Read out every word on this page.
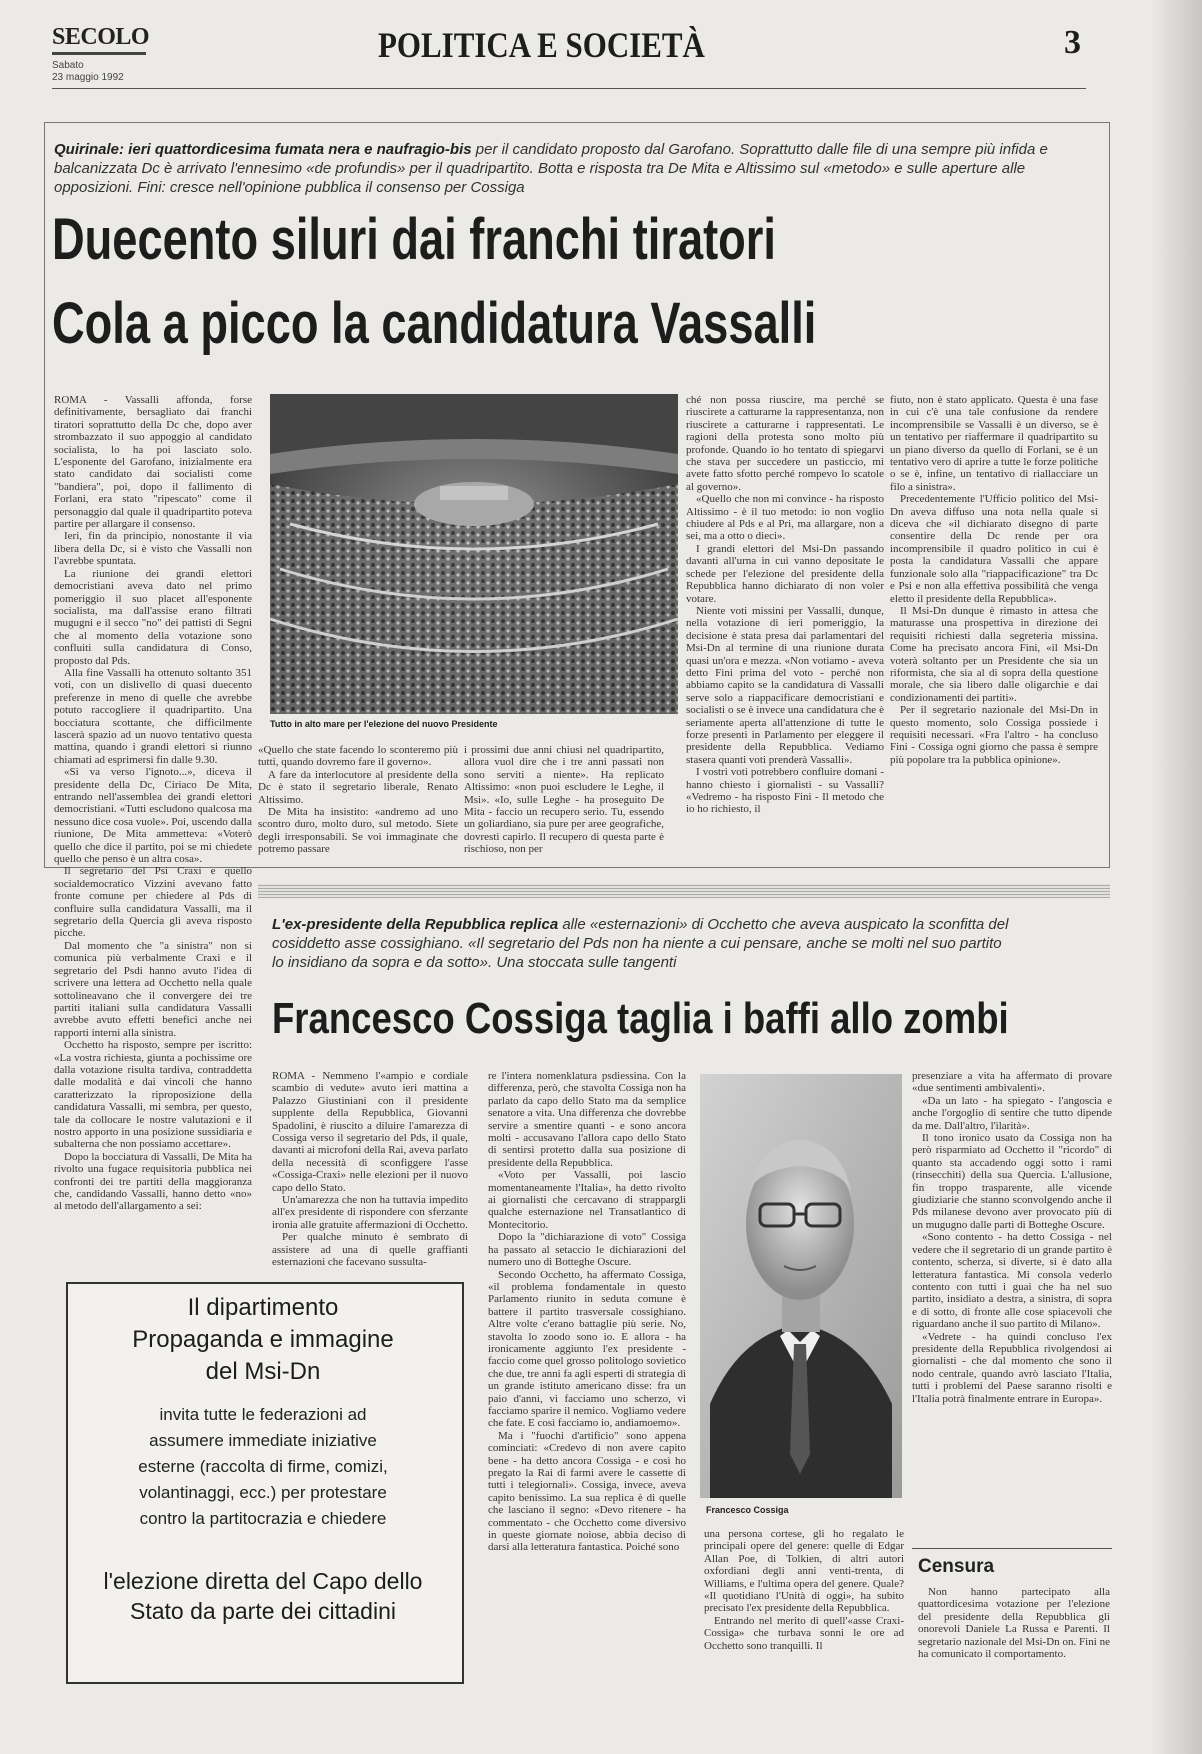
SECOLO
Sabato
23 maggio 1992
POLITICA E SOCIETÀ	3
Quirinale: ieri quattordicesima fumata nera e naufragio-bis per il candidato proposto dal Garofano. Soprattutto dalle file di una sempre più infida e balcanizzata Dc è arrivato l'ennesimo «de profundis» per il quadripartito. Botta e risposta tra De Mita e Altissimo sul «metodo» e sulle aperture alle opposizioni. Fini: cresce nell'opinione pubblica il consenso per Cossiga
Duecento siluri dai franchi tiratori
Cola a picco la candidatura Vassalli

ROMA - Vassalli affonda, forse definitivamente, bersagliato dai franchi tiratori soprattutto della Dc che, dopo aver strombazzato il suo appoggio al candidato socialista, lo ha poi lasciato solo. L'esponente del Garofano, inizialmente era stato candidato dai socialisti come "bandiera", poi, dopo il fallimento di Forlani, era stato "ripescato" come il personaggio dal quale il quadripartito poteva partire per allargare il consenso.

Ieri, fin da principio, nonostante il via libera della Dc, si è visto che Vassalli non l'avrebbe spuntata.

La riunione dei grandi elettori democristiani aveva dato nel primo pomeriggio il suo placet all'esponente socialista, ma dall'assise erano filtrati mugugni e il secco "no" dei pattisti di Segni che al momento della votazione sono confluiti sulla candidatura di Conso, proposto dal Pds.

Alla fine Vassalli ha ottenuto soltanto 351 voti, con un dislivello di quasi duecento preferenze in meno di quelle che avrebbe potuto raccogliere il quadripartito. Una bocciatura scottante, che difficilmente lascerà spazio ad un nuovo tentativo questa mattina, quando i grandi elettori si riunno chiamati ad esprimersi fin dalle 9.30.

«Si va verso l'ignoto...», diceva il presidente della Dc, Ciriaco De Mita, entrando nell'assemblea dei grandi elettori democristiani. «Tutti escludono qualcosa ma nessuno dice cosa vuole». Poi, uscendo dalla riunione, De Mita ammetteva: «Voterò quello che dice il partito, poi se mi chiedete quello che penso è un altra cosa».

Il segretario del Psi Craxi e quello socialdemocratico Vizzini avevano fatto fronte comune per chiedere al Pds di confluire sulla candidatura Vassalli, ma il segretario della Quercia gli aveva risposto picche.

Dal momento che "a sinistra" non si comunica più verbalmente Craxi e il segretario del Psdi hanno avuto l'idea di scrivere una lettera ad Occhetto nella quale sottolineavano che il convergere dei tre partiti italiani sulla candidatura Vassalli avrebbe avuto effetti benefici anche nei rapporti interni alla sinistra.

Occhetto ha risposto, sempre per iscritto: «La vostra richiesta, giunta a pochissime ore dalla votazione risulta tardiva, contraddetta dalle modalità e dai vincoli che hanno caratterizzato la riproposizione della candidatura Vassalli, mi sembra, per questo, tale da collocare le nostre valutazioni e il nostro apporto in una posizione sussidiaria e subalterna che non possiamo accettare».

Dopo la bocciatura di Vassalli, De Mita ha rivolto una fugace requisitoria pubblica nei confronti dei tre partiti della maggioranza che, candidando Vassalli, hanno detto «no» al metodo dell'allargamento a sei:

Tutto in alto mare per l'elezione del nuovo Presidente

«Quello che state facendo lo sconteremo più tutti, quando dovremo fare il governo».

A fare da interlocutore al presidente della Dc è stato il segretario liberale, Renato Altissimo.

De Mita ha insistito: «andremo ad uno scontro duro, molto duro, sul metodo. Siete degli irresponsabili. Se voi immaginate che potremo passare

i prossimi due anni chiusi nel quadripartito, allora vuol dire che i tre anni passati non sono serviti a niente». Ha replicato Altissimo: «non puoi escludere le Leghe, il Msi». «Io, sulle Leghe - ha proseguito De Mita - faccio un recupero serio. Tu, essendo un goliardiano, sia pure per aree geografiche, dovresti capirlo. Il recupero di questa parte è rischioso, non per

ché non possa riuscire, ma perché se riuscirete a catturarne la rappresentanza, non riuscirete a catturarne i rappresentati. Le ragioni della protesta sono molto più profonde. Quando io ho tentato di spiegarvi che stava per succedere un pasticcio, mi avete fatto sfotto perché rompevo lo scatole al governo».

«Quello che non mi convince - ha risposto Altissimo - è il tuo metodo: io non voglio chiudere al Pds e al Pri, ma allargare, non a sei, ma a otto o dieci».

I grandi elettori del Msi-Dn passando davanti all'urna in cui vanno depositate le schede per l'elezione del presidente della Repubblica hanno dichiarato di non voler votare.

Niente voti missini per Vassalli, dunque, nella votazione di ieri pomeriggio, la decisione è stata presa dai parlamentari del Msi-Dn al termine di una riunione durata quasi un'ora e mezza. «Non votiamo - aveva detto Fini prima del voto - perché non abbiamo capito se la candidatura di Vassalli serve solo a riappacificare democristiani e socialisti o se è invece una candidatura che è seriamente aperta all'attenzione di tutte le forze presenti in Parlamento per eleggere il presidente della Repubblica. Vediamo stasera quanti voti prenderà Vassalli».

I vostri voti potrebbero confluire domani - hanno chiesto i giornalisti - su Vassalli? «Vedremo - ha risposto Fini - Il metodo che io ho richiesto, il

fiuto, non è stato applicato. Questa è una fase in cui c'è una tale confusione da rendere incomprensibile se Vassalli è un diverso, se è un tentativo per riaffermare il quadripartito su un piano diverso da quello di Forlani, se è un tentativo vero di aprire a tutte le forze politiche o se è, infine, un tentativo di riallacciare un filo a sinistra».

Precedentemente l'Ufficio politico del Msi-Dn aveva diffuso una nota nella quale si diceva che «il dichiarato disegno di parte consentire della Dc rende per ora incomprensibile il quadro politico in cui è posta la candidatura Vassalli che appare funzionale solo alla "riappacificazione" tra Dc e Psi e non alla effettiva possibilità che venga eletto il presidente della Repubblica».

Il Msi-Dn dunque è rimasto in attesa che maturasse una prospettiva in direzione dei requisiti richiesti dalla segreteria missina. Come ha precisato ancora Fini, «il Msi-Dn voterà soltanto per un Presidente che sia un riformista, che sia al di sopra della questione morale, che sia libero dalle oligarchie e dai condizionamenti dei partiti».

Per il segretario nazionale del Msi-Dn in questo momento, solo Cossiga possiede i requisiti necessari. «Fra l'altro - ha concluso Fini - Cossiga ogni giorno che passa è sempre più popolare tra la pubblica opinione».

L'ex-presidente della Repubblica replica alle «esternazioni» di Occhetto che aveva auspicato la sconfitta del cosiddetto asse cossighiano. «Il segretario del Pds non ha niente a cui pensare, anche se molti nel suo partito lo insidiano da sopra e da sotto». Una stoccata sulle tangenti
Francesco Cossiga taglia i baffi allo zombi

ROMA - Nemmeno l'«ampio e cordiale scambio di vedute» avuto ieri mattina a Palazzo Giustiniani con il presidente supplente della Repubblica, Giovanni Spadolini, è riuscito a diluire l'amarezza di Cossiga verso il segretario del Pds, il quale, davanti ai microfoni della Rai, aveva parlato della necessità di sconfiggere l'asse «Cossiga-Craxi» nelle elezioni per il nuovo capo dello Stato.

Un'amarezza che non ha tuttavia impedito all'ex presidente di rispondere con sferzante ironia alle gratuite affermazioni di Occhetto.

Per qualche minuto è sembrato di assistere ad una di quelle graffianti esternazioni che facevano sussulta-

re l'intera nomenklatura psdiessina. Con la differenza, però, che stavolta Cossiga non ha parlato da capo dello Stato ma da semplice senatore a vita. Una differenza che dovrebbe servire a smentire quanti - e sono ancora molti - accusavano l'allora capo dello Stato di sentirsi protetto dalla sua posizione di presidente della Repubblica.

«Voto per Vassalli, poi lascio momentaneamente l'Italia», ha detto rivolto ai giornalisti che cercavano di strappargli qualche esternazione nel Transatlantico di Montecitorio.

Dopo la "dichiarazione di voto" Cossiga ha passato al setaccio le dichiarazioni del numero uno di Botteghe Oscure.

Secondo Occhetto, ha affermato Cossiga, «il problema fondamentale in questo Parlamento riunito in seduta comune è battere il partito trasversale cossighiano. Altre volte c'erano battaglie più serie. No, stavolta lo zoodo sono io. E allora - ha ironicamente aggiunto l'ex presidente - faccio come quel grosso politologo sovietico che due, tre anni fa agli esperti di strategia di un grande istituto americano disse: fra un paio d'anni, vi facciamo uno scherzo, vi facciamo sparire il nemico. Vogliamo vedere che fate. E così facciamo io, andiamoemo».

Ma i "fuochi d'artificio" sono appena cominciati: «Credevo di non avere capito bene - ha detto ancora Cossiga - e così ho pregato la Rai di farmi avere le cassette di tutti i telegiornali». Cossiga, invece, aveva capito benissimo. La sua replica è di quelle che lasciano il segno: «Devo ritenere - ha commentato - che Occhetto come diversivo in queste giornate noiose, abbia deciso di darsi alla letteratura fantastica. Poiché sono

Francesco Cossiga

una persona cortese, gli ho regalato le principali opere del genere: quelle di Edgar Allan Poe, di Tolkien, di altri autori oxfordiani degli anni venti-trenta, di Williams, e l'ultima opera del genere. Quale? «Il quotidiano l'Unità di oggi», ha subito precisato l'ex presidente della Repubblica.

Entrando nel merito di quell'«asse Craxi-Cossiga» che turbava sonni le ore ad Occhetto sono tranquilli. Il

presenziare a vita ha affermato di provare «due sentimenti ambivalenti».

«Da un lato - ha spiegato - l'angoscia e anche l'orgoglio di sentire che tutto dipende da me. Dall'altro, l'ilarità».

Il tono ironico usato da Cossiga non ha però risparmiato ad Occhetto il "ricordo" di quanto sta accadendo oggi sotto i rami (rinsecchiti) della sua Quercia. L'allusione, fin troppo trasparente, alle vicende giudiziarie che stanno sconvolgendo anche il Pds milanese devono aver provocato più di un mugugno dalle parti di Botteghe Oscure.

«Sono contento - ha detto Cossiga - nel vedere che il segretario di un grande partito è contento, scherza, si diverte, si è dato alla letteratura fantastica. Mi consola vederlo contento con tutti i guai che ha nel suo partito, insidiato a destra, a sinistra, di sopra e di sotto, di fronte alle cose spiacevoli che riguardano anche il suo partito di Milano».

«Vedrete - ha quindi concluso l'ex presidente della Repubblica rivolgendosi ai giornalisti - che dal momento che sono il nodo centrale, quando avrò lasciato l'Italia, tutti i problemi del Paese saranno risolti e l'Italia potrà finalmente entrare in Europa».

Censura

Non hanno partecipato alla quattordicesima votazione per l'elezione del presidente della Repubblica gli onorevoli Daniele La Russa e Parenti. Il segretario nazionale del Msi-Dn on. Fini ne ha comunicato il comportamento.

Il dipartimento
Propaganda e immagine
del Msi-Dn
invita tutte le federazioni ad assumere immediate iniziative esterne (raccolta di firme, comizi, volantinaggi, ecc.) per protestare contro la partitocrazia e chiedere
l'elezione diretta del Capo dello Stato da parte dei cittadini
